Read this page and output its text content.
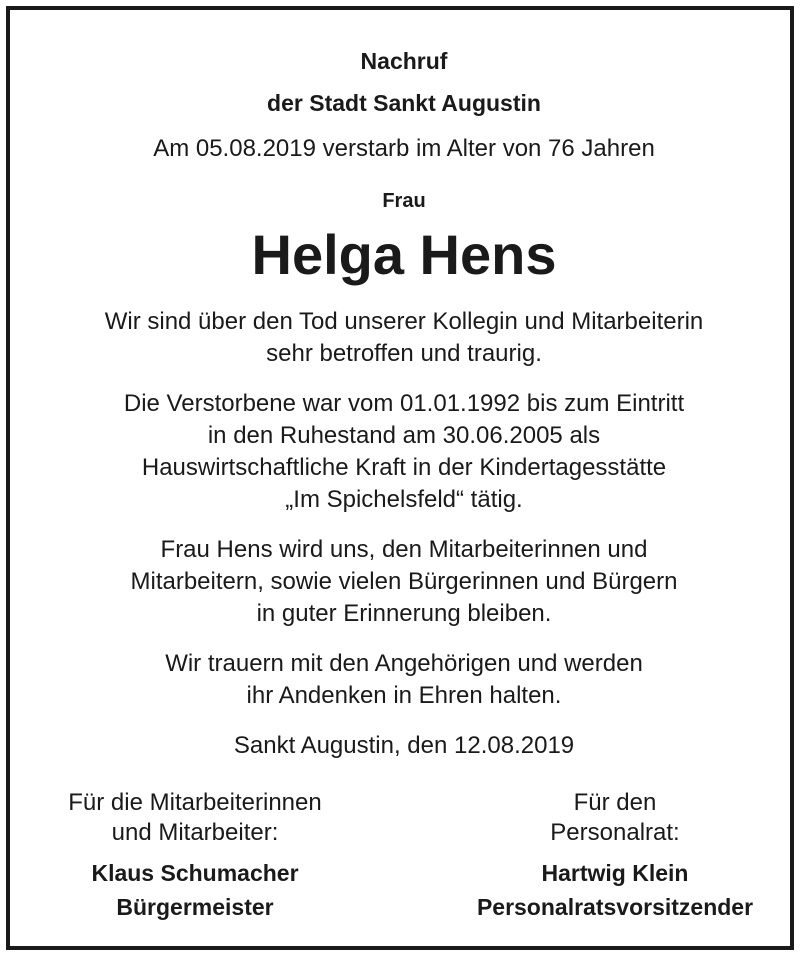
Nachruf
der Stadt Sankt Augustin
Am 05.08.2019 verstarb im Alter von 76 Jahren
Frau
Helga Hens
Wir sind über den Tod unserer Kollegin und Mitarbeiterin
sehr betroffen und traurig.
Die Verstorbene war vom 01.01.1992 bis zum Eintritt
in den Ruhestand am 30.06.2005 als
Hauswirtschaftliche Kraft in der Kindertagesstätte
„Im Spichelsfeld“ tätig.
Frau Hens wird uns, den Mitarbeiterinnen und
Mitarbeitern, sowie vielen Bürgerinnen und Bürgern
in guter Erinnerung bleiben.
Wir trauern mit den Angehörigen und werden
ihr Andenken in Ehren halten.
Sankt Augustin, den 12.08.2019
Für die Mitarbeiterinnen
und Mitarbeiter:
Klaus Schumacher
Bürgermeister
Für den
Personalrat:
Hartwig Klein
Personalratsvorsitzender
